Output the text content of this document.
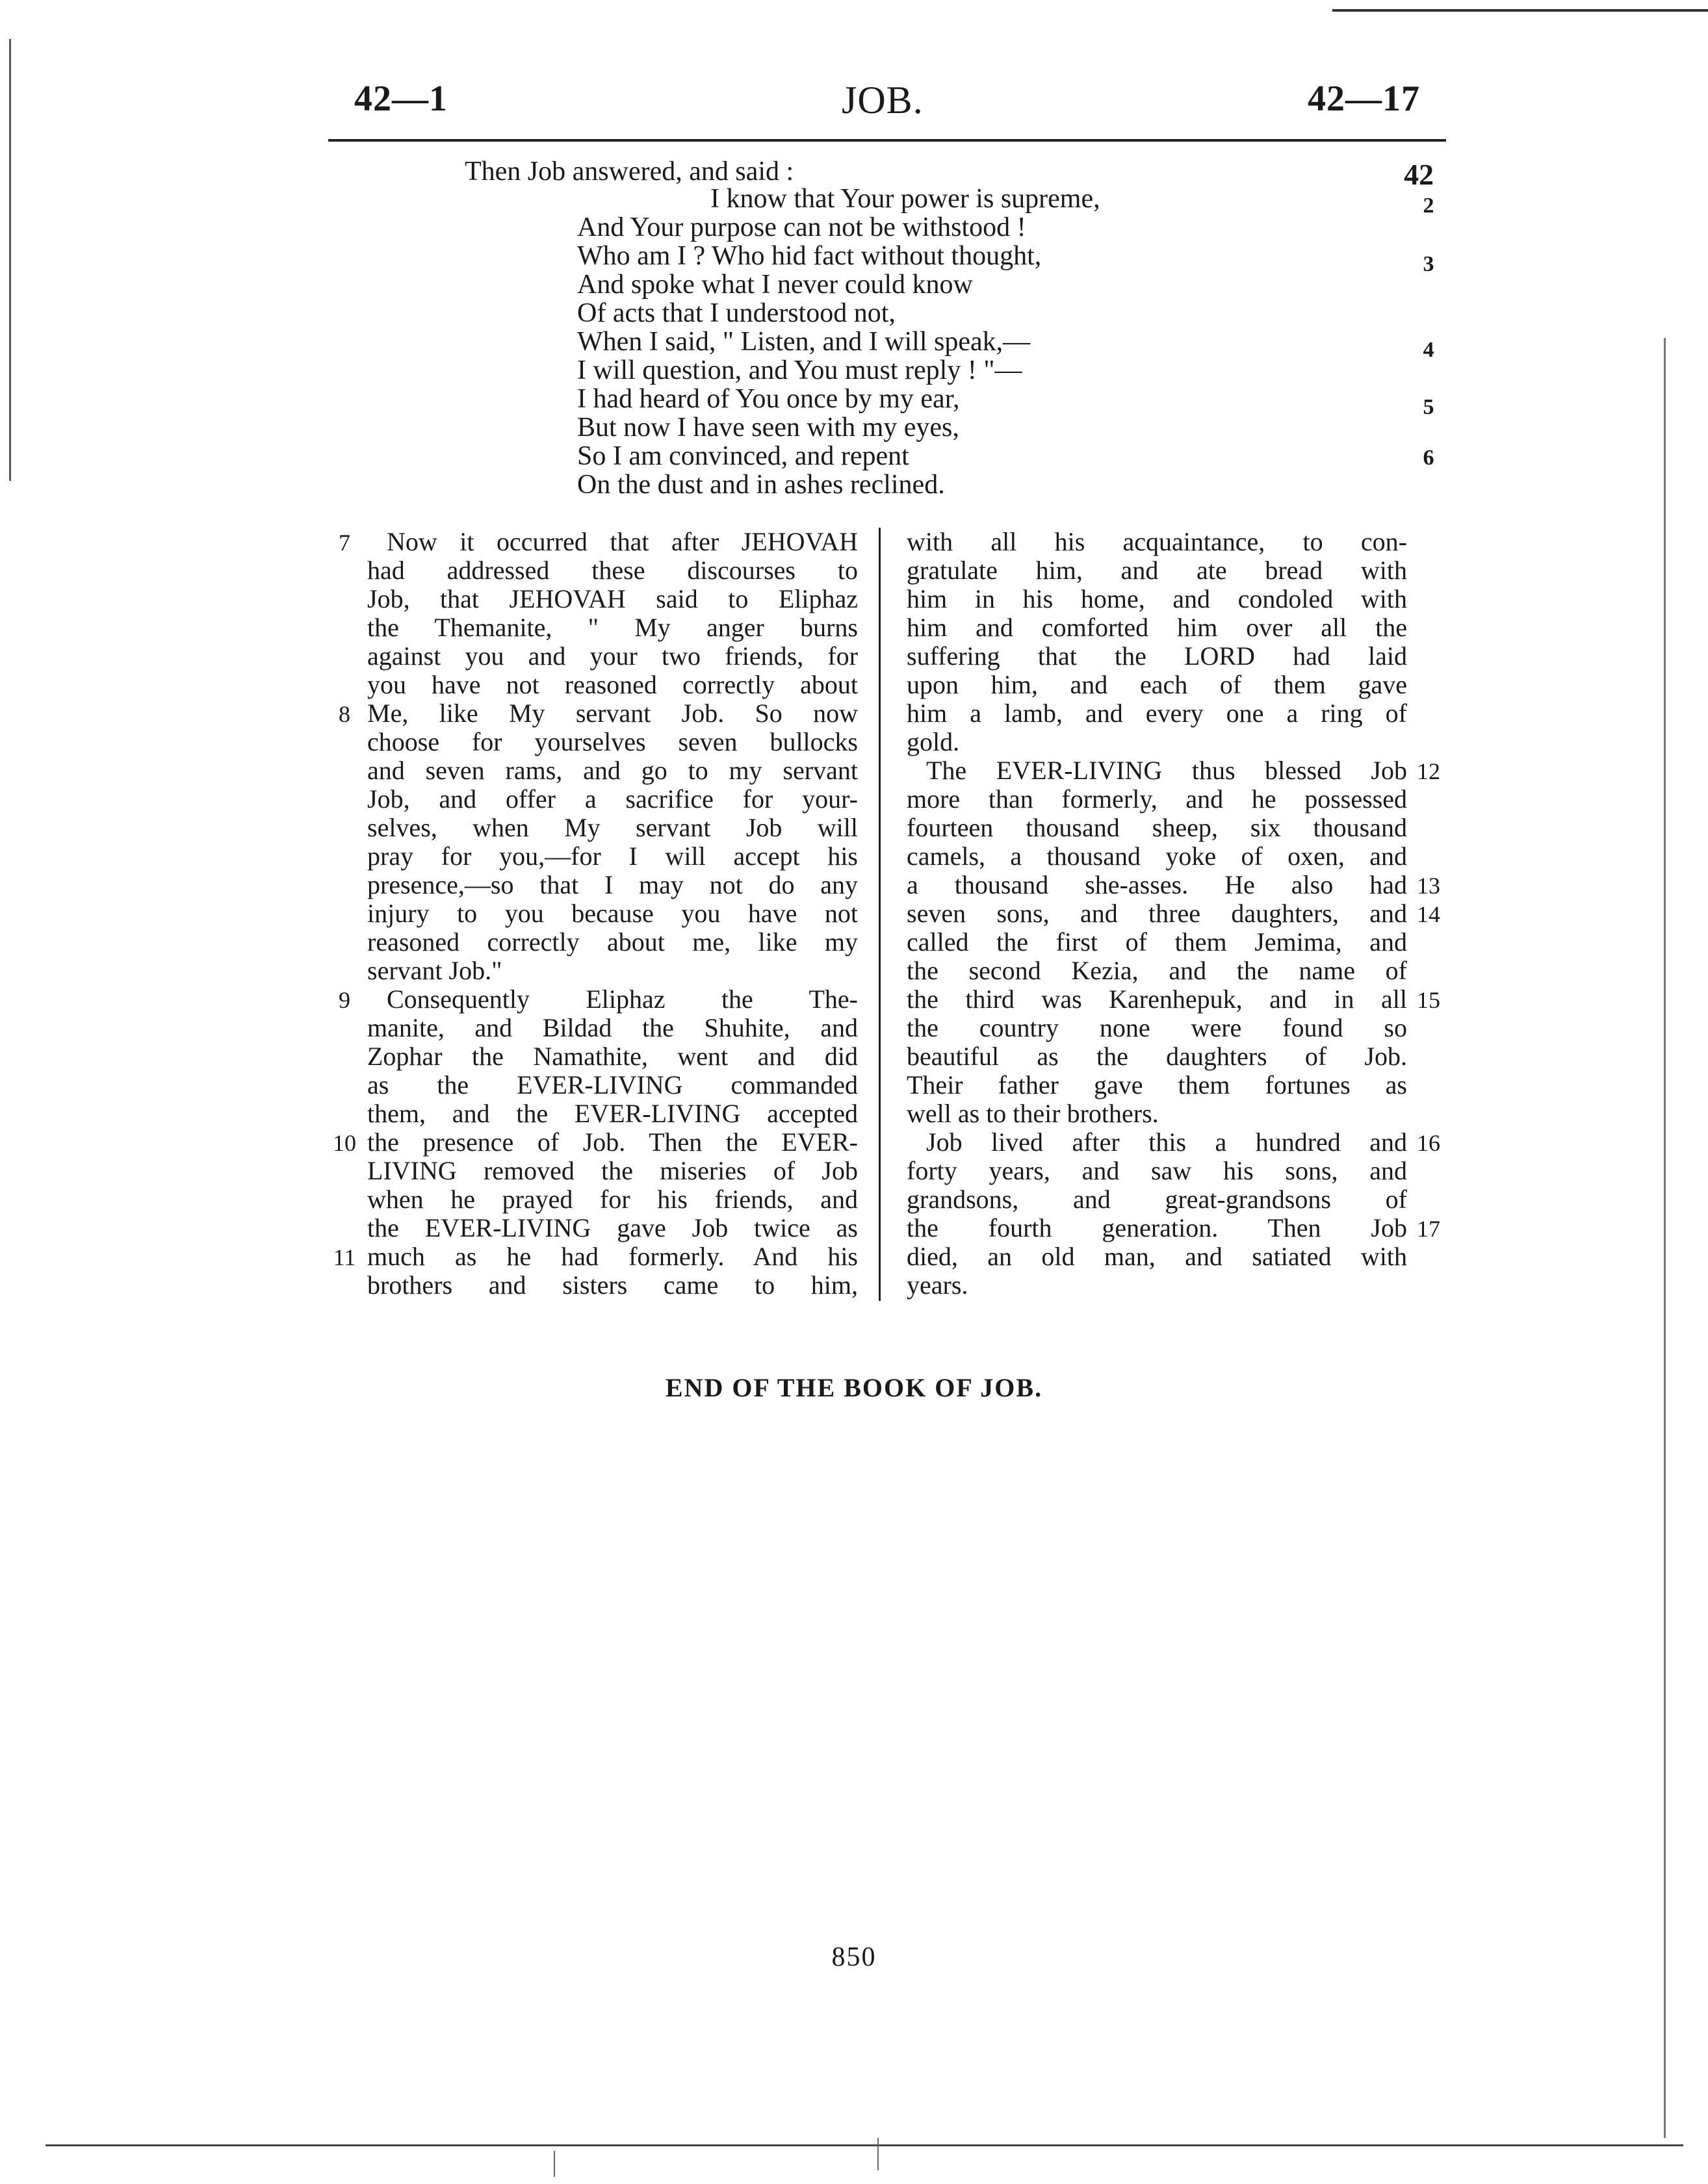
42—1	JOB.	42—17
Then Job answered, and said :	42
I know that Your power is supreme,
And Your purpose can not be withstood !
Who am I ? Who hid fact without thought,
And spoke what I never could know
Of acts that I understood not,
When I said, " Listen, and I will speak,—
I will question, and You must reply ! "—
I had heard of You once by my ear,
But now I have seen with my eyes,
So I am convinced, and repent
On the dust and in ashes reclined.
2
3
4
5
6
Now it occurred that after JEHOVAH
had addressed these discourses to
Job, that JEHOVAH said to Eliphaz
the Themanite, " My anger burns
against you and your two friends, for
you have not reasoned correctly about
Me, like My servant Job. So now
choose for yourselves seven bullocks
and seven rams, and go to my servant
Job, and offer a sacrifice for your-
selves, when My servant Job will
pray for you,—for I will accept his
presence,—so that I may not do any
injury to you because you have not
reasoned correctly about me, like my
servant Job."
Consequently Eliphaz the The-
manite, and Bildad the Shuhite, and
Zophar the Namathite, went and did
as the EVER-LIVING commanded
them, and the EVER-LIVING accepted
the presence of Job. Then the EVER-
LIVING removed the miseries of Job
when he prayed for his friends, and
the EVER-LIVING gave Job twice as
much as he had formerly. And his
brothers and sisters came to him,
7
8
9
10
11
with all his acquaintance, to con-
gratulate him, and ate bread with
him in his home, and condoled with
him and comforted him over all the
suffering that the LORD had laid
upon him, and each of them gave
him a lamb, and every one a ring of
gold.
The EVER-LIVING thus blessed Job
more than formerly, and he possessed
fourteen thousand sheep, six thousand
camels, a thousand yoke of oxen, and
a thousand she-asses. He also had
seven sons, and three daughters, and
called the first of them Jemima, and
the second Kezia, and the name of
the third was Karenhepuk, and in all
the country none were found so
beautiful as the daughters of Job.
Their father gave them fortunes as
well as to their brothers.
Job lived after this a hundred and
forty years, and saw his sons, and
grandsons, and great-grandsons of
the fourth generation. Then Job
died, an old man, and satiated with
years.
12
13
14
15
16
17
END OF THE BOOK OF JOB.
850
